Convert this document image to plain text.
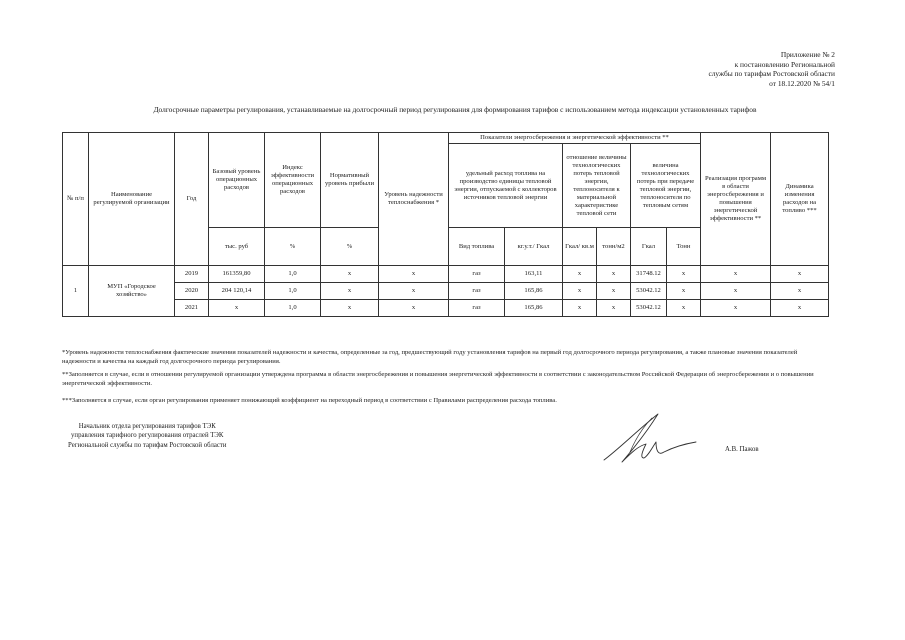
Приложение № 2
к постановлению Региональной
службы по тарифам Ростовской области
от 18.12.2020 № 54/1
Долгосрочные параметры регулирования, устанавливаемые на долгосрочный период регулирования для формирования тарифов с использованием метода индексации установленных тарифов
№ п/п	Наименование регулируемой организации	Год	Базовый уровень операционных расходов	Индекс эффективности операционных расходов	Нормативный уровень прибыли	Уровень надежности теплоснабжения *	Показатели энергосбережения и энергетической эффективности **						Реализация программ в области энергосбережения и повышения энергетической эффективности **	Динамика изменения расходов на топливо ***
							удельный расход топлива на производство единицы тепловой энергии, отпускаемой с коллекторов источников тепловой энергии		отношение величины технологических потерь тепловой энергии, теплоносителя к материальной характеристике тепловой сети		величина технологических потерь при передаче тепловой энергии, теплоносителя по тепловым сетям			
			тыс. руб	%	%		Вид топлива	кг.у.т./ Гкал	Гкал/ кв.м	тонн/м2	Гкал	Тонн		
1	МУП «Городское хозяйство»	2019	161359,80	1,0	х	х	газ	163,11	х	х	31748.12	х	х	х
		2020	204 120,14	1,0	х	х	газ	165,86	х	х	53042.12	х	х	х
		2021	х	1,0	х	х	газ	165,86	х	х	53042.12	х	х	х
*Уровень надежности теплоснабжения фактические значения показателей надежности и качества, определенные за год, предшествующий году установления тарифов на первый год долгосрочного периода регулирования, а также плановые значения показателей надежности и качества на каждый год долгосрочного периода регулирования.
**Заполняется в случае, если в отношении регулируемой организации утверждена программа в области энергосбережения и повышения энергетической эффективности в соответствии с законодательством Российской Федерации об энергосбережении и о повышении энергетической эффективности.
***Заполняется в случае, если орган регулирования применяет понижающий коэффициент на переходный период в соответствии с Правилами распределения расхода топлива.
Начальник отдела регулирования тарифов ТЭК
управления тарифного регулирования отраслей ТЭК
Региональной службы по тарифам Ростовской области
А.В. Пажов
